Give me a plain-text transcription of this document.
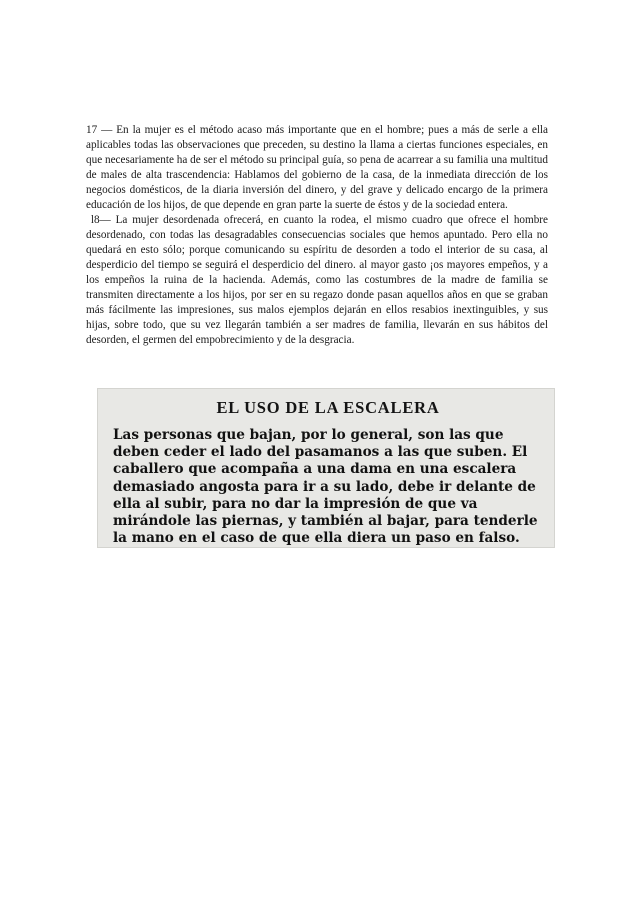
17 — En la mujer es el método acaso más importante que en el hombre; pues a más de serle a ella aplicables todas las observaciones que preceden, su destino la llama a ciertas funciones especiales, en que necesariamente ha de ser el método su principal guía, so pena de acarrear a su familia una multitud de males de alta trascendencia: Hablamos del gobierno de la casa, de la inmediata dirección de los negocios domésticos, de la diaria inversión del dinero, y del grave y delicado encargo de la primera educación de los hijos, de que depende en gran parte la suerte de éstos y de la sociedad entera.

l8— La mujer desordenada ofrecerá, en cuanto la rodea, el mismo cuadro que ofrece el hombre desordenado, con todas las desagradables consecuencias sociales que hemos apuntado. Pero ella no quedará en esto sólo; porque comunicando su espíritu de desorden a todo el interior de su casa, al desperdicio del tiempo se seguirá el desperdicio del dinero. al mayor gasto ¡os mayores empeños, y a los empeños la ruina de la hacienda. Además, como las costumbres de la madre de familia se transmiten directamente a los hijos, por ser en su regazo donde pasan aquellos años en que se graban más fácilmente las impresiones, sus malos ejemplos dejarán en ellos resabios inextinguibles, y sus hijas, sobre todo, que su vez llegarán también a ser madres de familia, llevarán en sus hábitos del desorden, el germen del empobrecimiento y de la desgracia.

EL USO DE LA ESCALERA

Las personas que bajan, por lo general, son las que deben ceder el lado del pasamanos a las que suben. El caballero que acompaña a una dama en una escalera demasiado angosta para ir a su lado, debe ir delante de ella al subir, para no dar la impresión de que va mirándole las piernas, y también al bajar, para tenderle la mano en el caso de que ella diera un paso en falso.
